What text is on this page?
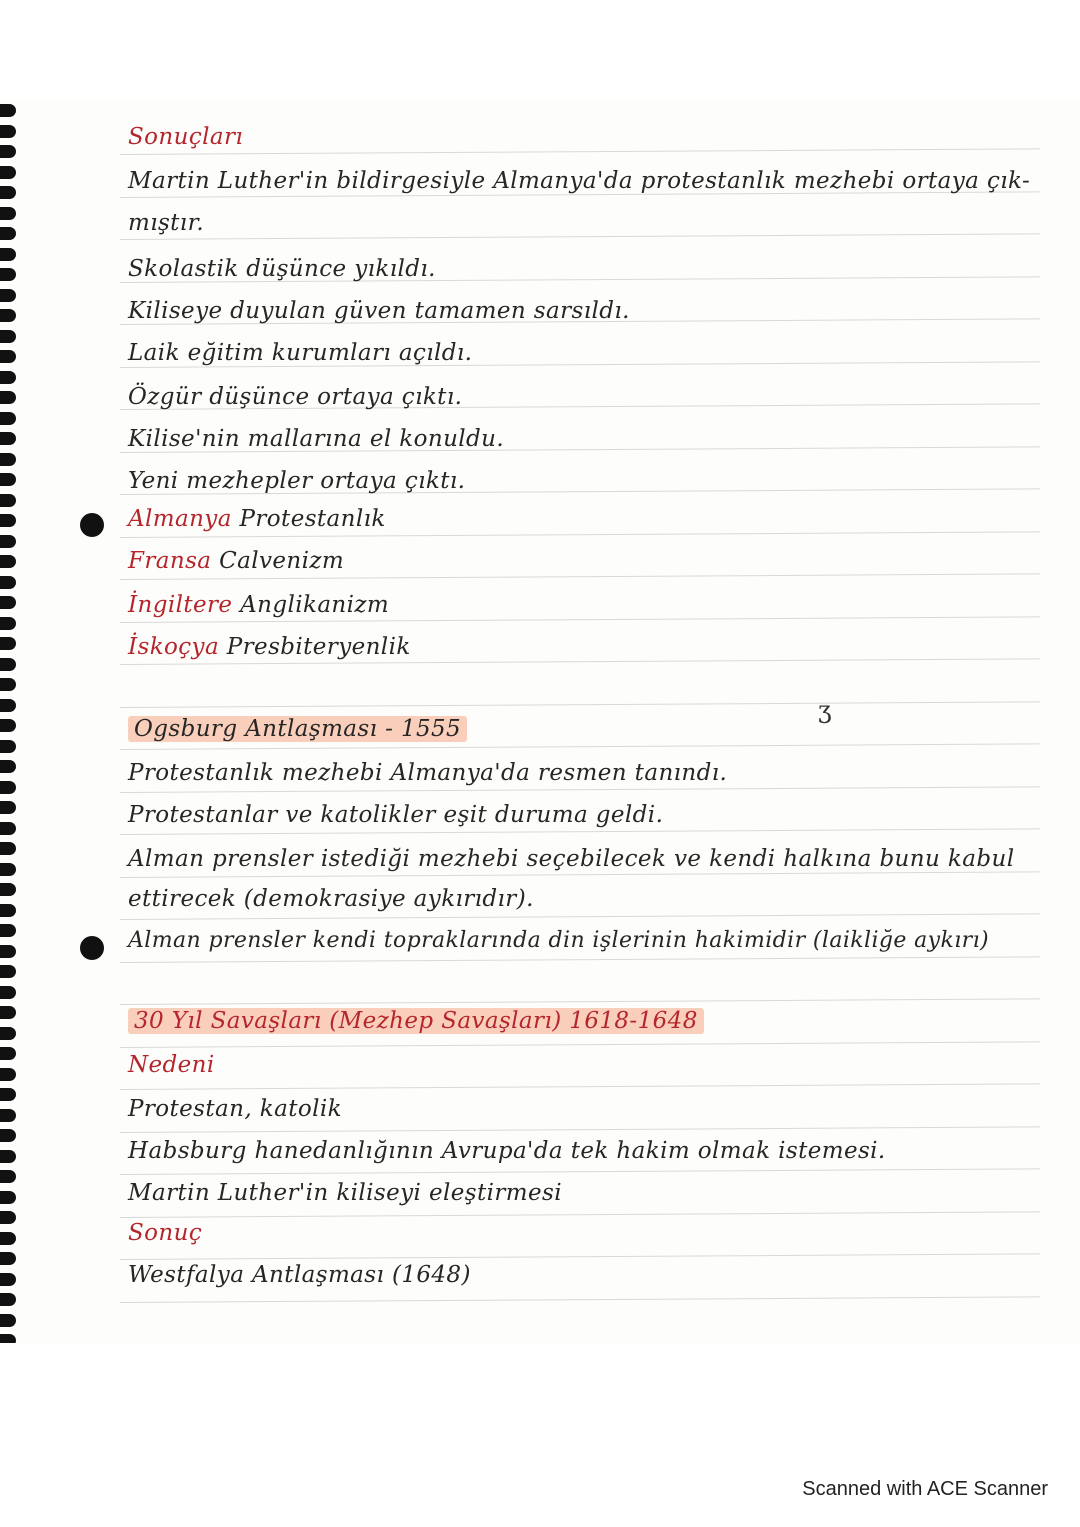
Sonuçları
Martin Luther'in bildirgesiyle Almanya'da protestanlık mezhebi ortaya çık-
mıştır.
Skolastik düşünce yıkıldı.
Kiliseye duyulan güven tamamen sarsıldı.
Laik eğitim kurumları açıldı.
Özgür düşünce ortaya çıktı.
Kilise'nin mallarına el konuldu.
Yeni mezhepler ortaya çıktı.
Almanya Protestanlık
Fransa Calvenizm
İngiltere Anglikanizm
İskoçya Presbiteryenlik
Ogsburg Antlaşması - 1555
ʒ
Protestanlık mezhebi Almanya'da resmen tanındı.
Protestanlar ve katolikler eşit duruma geldi.
Alman prensler istediği mezhebi seçebilecek ve kendi halkına bunu kabul
ettirecek (demokrasiye aykırıdır).
Alman prensler kendi topraklarında din işlerinin hakimidir (laikliğe aykırı)
30 Yıl Savaşları (Mezhep Savaşları) 1618-1648
Nedeni
Protestan, katolik
Habsburg hanedanlığının Avrupa'da tek hakim olmak istemesi.
Martin Luther'in kiliseyi eleştirmesi
Sonuç
Westfalya Antlaşması (1648)
Scanned with ACE Scanner
